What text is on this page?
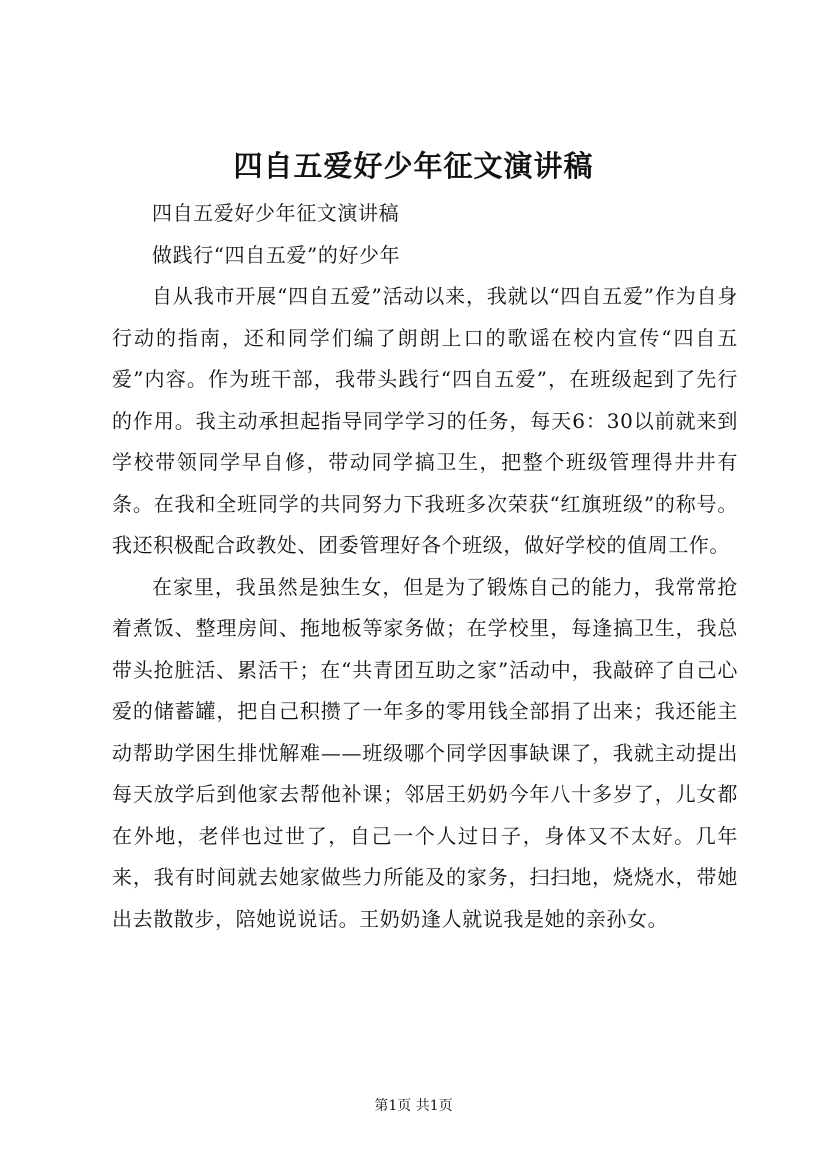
四自五爱好少年征文演讲稿

四自五爱好少年征文演讲稿

做践行“四自五爱”的好少年

自从我市开展“四自五爱”活动以来，我就以“四自五爱”作为自身行动的指南，还和同学们编了朗朗上口的歌谣在校内宣传“四自五爱”内容。作为班干部，我带头践行“四自五爱”，在班级起到了先行的作用。我主动承担起指导同学学习的任务，每天6：30以前就来到学校带领同学早自修，带动同学搞卫生，把整个班级管理得井井有条。在我和全班同学的共同努力下我班多次荣获“红旗班级”的称号。我还积极配合政教处、团委管理好各个班级，做好学校的值周工作。

在家里，我虽然是独生女，但是为了锻炼自己的能力，我常常抢着煮饭、整理房间、拖地板等家务做；在学校里，每逢搞卫生，我总带头抢脏活、累活干；在“共青团互助之家”活动中，我敲碎了自己心爱的储蓄罐，把自己积攒了一年多的零用钱全部捐了出来；我还能主动帮助学困生排忧解难——班级哪个同学因事缺课了，我就主动提出每天放学后到他家去帮他补课；邻居王奶奶今年八十多岁了，儿女都在外地，老伴也过世了，自己一个人过日子，身体又不太好。几年来，我有时间就去她家做些力所能及的家务，扫扫地，烧烧水，带她出去散散步，陪她说说话。王奶奶逢人就说我是她的亲孙女。

第1页 共1页
